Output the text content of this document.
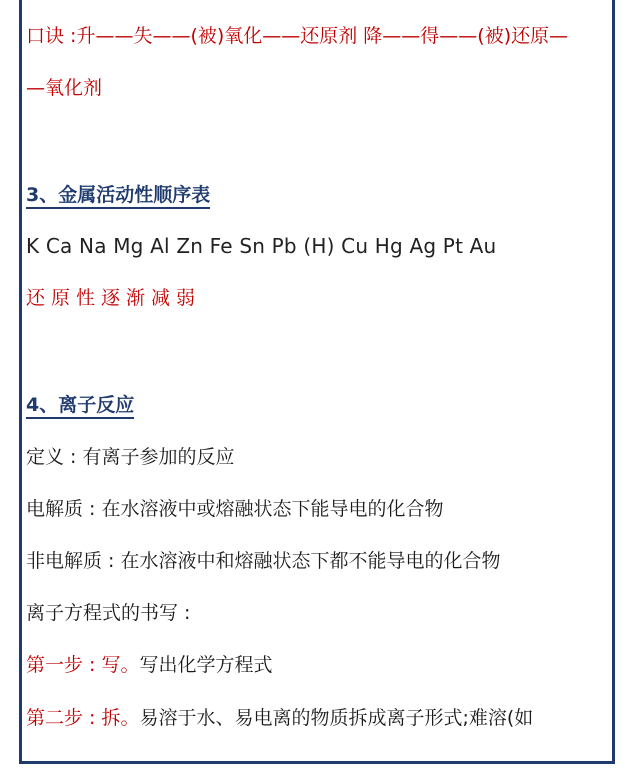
口诀 :升——失——(被)氧化——还原剂 降——得——(被)还原—
—氧化剂
3、金属活动性顺序表
K Ca Na Mg Al Zn Fe Sn Pb (H) Cu Hg Ag Pt Au
还原性逐渐减弱
4、离子反应
定义 : 有离子参加的反应
电解质 : 在水溶液中或熔融状态下能导电的化合物
非电解质 : 在水溶液中和熔融状态下都不能导电的化合物
离子方程式的书写 :
第一步 : 写。写出化学方程式
第二步 : 拆。易溶于水、易电离的物质拆成离子形式;难溶(如
